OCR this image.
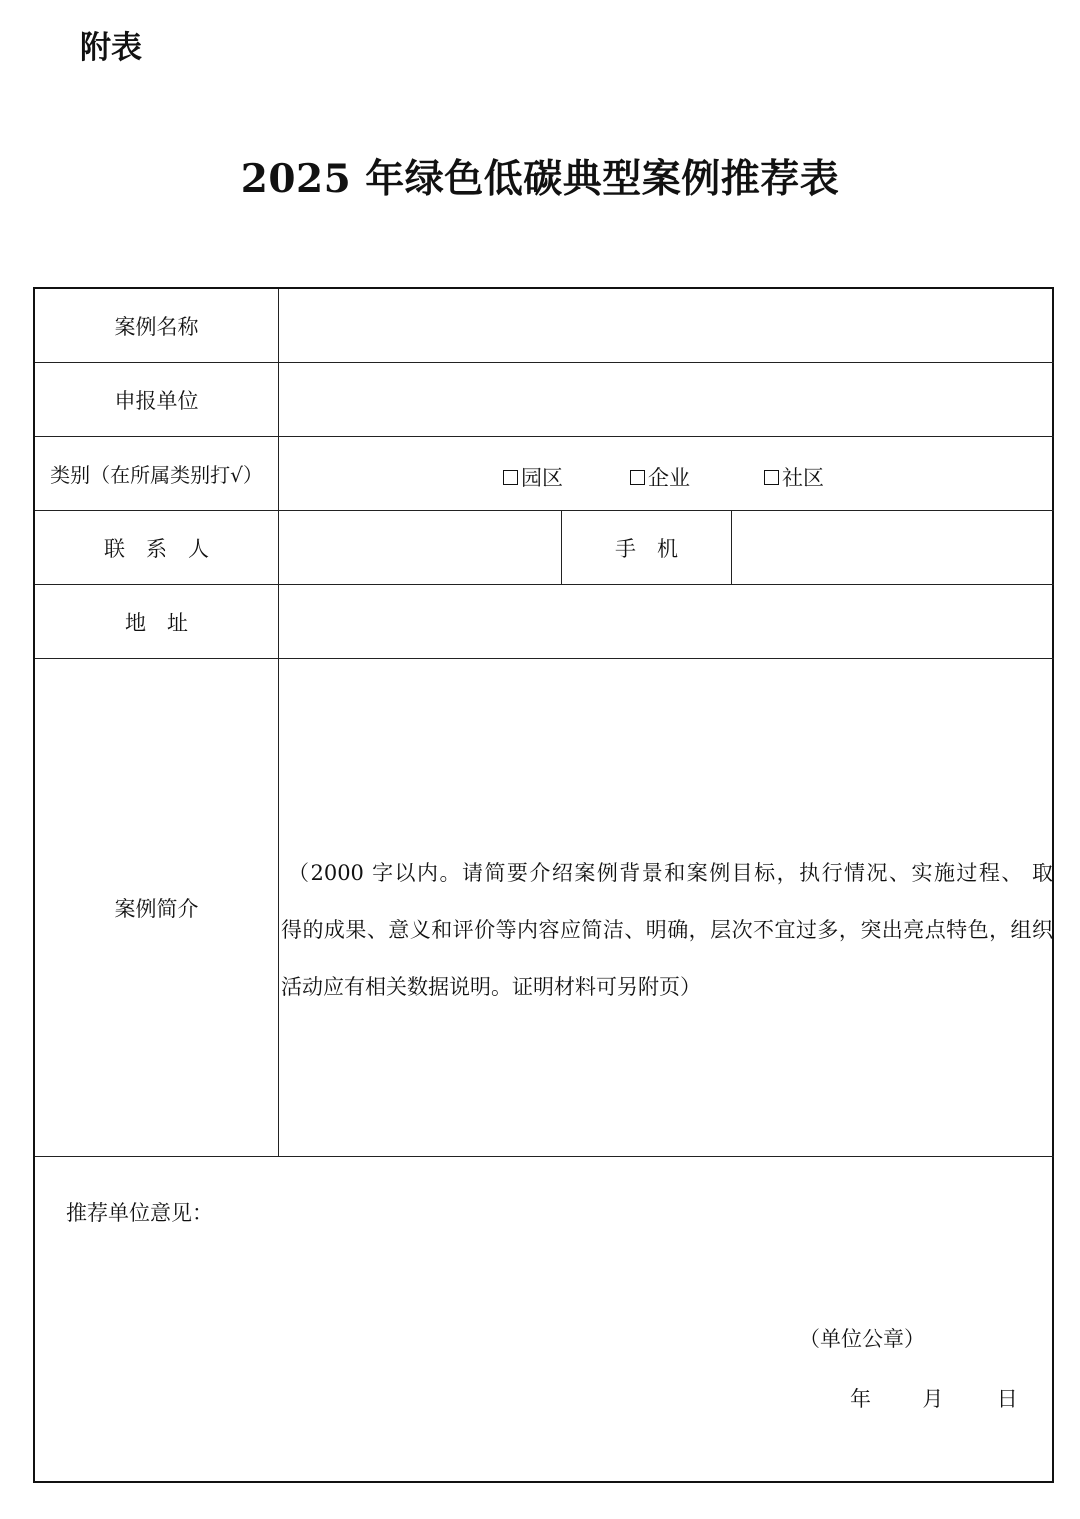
附表
2025 年绿色低碳典型案例推荐表
案例名称
申报单位
类别（在所属类别打√）	园区	企业	社区
联　系　人	手　机
地　址
案例简介
（2000 字以内。请简要介绍案例背景和案例目标，执行情况、实施过程、 取
得的成果、意义和评价等内容应简洁、明确，层次不宜过多，突出亮点特色，组织
活动应有相关数据说明。证明材料可另附页）
推荐单位意见：
（单位公章）
年 月	日
